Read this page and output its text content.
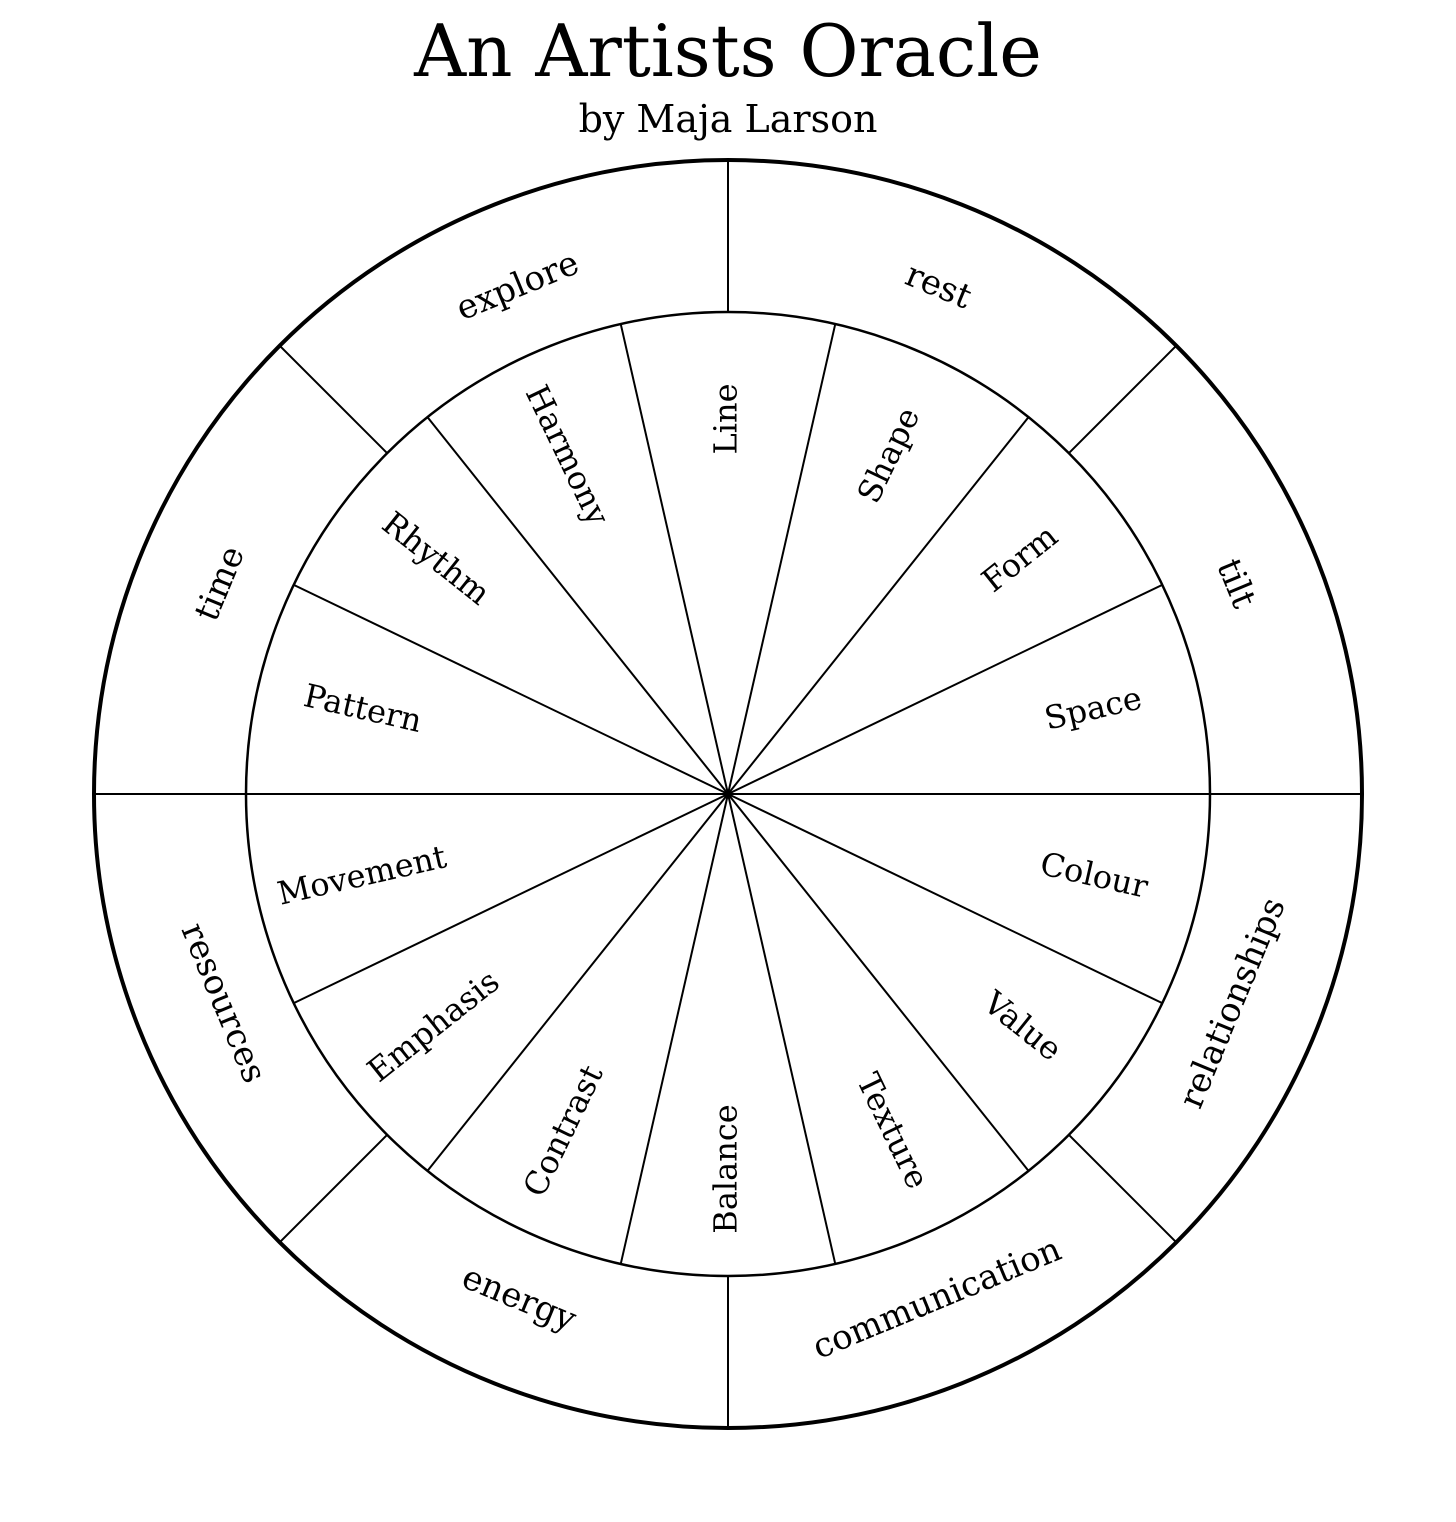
An Artists Oracle
by Maja Larson
explore	rest
tilt
relationships
communication
energy
resources
time
Line	Shape
Form
Space
Colour
Value
Texture
Balance
Contrast
Emphasis
Movement
Pattern
Rhythm
Harmony
